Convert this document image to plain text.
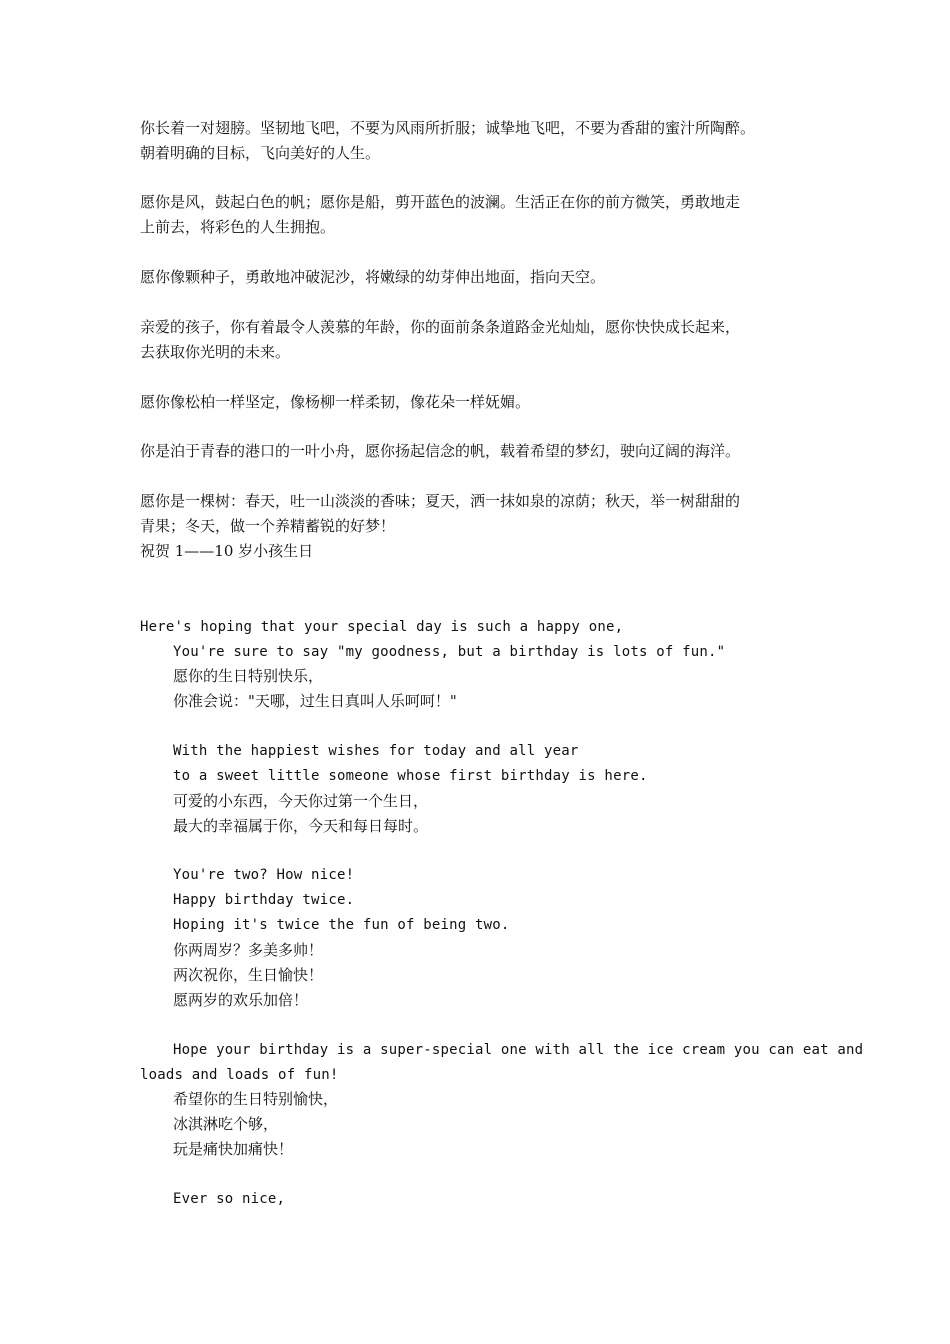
你长着一对翅膀。坚韧地飞吧，不要为风雨所折服；诚挚地飞吧，不要为香甜的蜜汁所陶醉。
朝着明确的目标，飞向美好的人生。
愿你是风，鼓起白色的帆；愿你是船，剪开蓝色的波澜。生活正在你的前方微笑，勇敢地走
上前去，将彩色的人生拥抱。
愿你像颗种子，勇敢地冲破泥沙，将嫩绿的幼芽伸出地面，指向天空。
亲爱的孩子，你有着最令人羡慕的年龄，你的面前条条道路金光灿灿，愿你快快成长起来，
去获取你光明的未来。
愿你像松柏一样坚定，像杨柳一样柔韧，像花朵一样妩媚。
你是泊于青春的港口的一叶小舟，愿你扬起信念的帆，载着希望的梦幻，驶向辽阔的海洋。
愿你是一棵树：春天，吐一山淡淡的香味；夏天，洒一抹如泉的凉荫；秋天，举一树甜甜的
青果；冬天，做一个养精蓄锐的好梦！
祝贺 1——10 岁小孩生日
Here's hoping that your special day is such a happy one,
You're sure to say "my goodness, but a birthday is lots of fun."
愿你的生日特别快乐，
你准会说："天哪，过生日真叫人乐呵呵！"
With the happiest wishes for today and all year
to a sweet little someone whose first birthday is here.
可爱的小东西，今天你过第一个生日，
最大的幸福属于你，今天和每日每时。
You're two? How nice!
Happy birthday twice.
Hoping it's twice the fun of being two.
你两周岁？多美多帅！
两次祝你，生日愉快！
愿两岁的欢乐加倍！
Hope your birthday is a super-special one with all the ice cream you can eat and
loads and loads of fun!
希望你的生日特别愉快，
冰淇淋吃个够，
玩是痛快加痛快！
Ever so nice,
